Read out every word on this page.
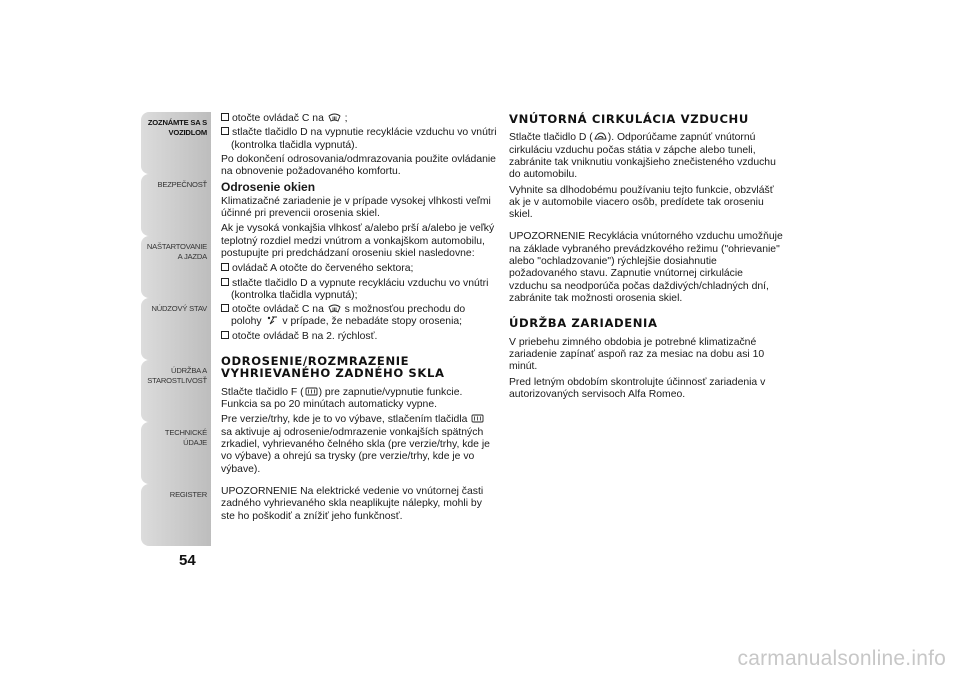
ZOZNÁMTE SA S VOZIDLOM
BEZPEČNOSŤ
NAŠTARTOVANIE A JAZDA
NÚDZOVÝ STAV
ÚDRŽBA A STAROSTLIVOSŤ
TECHNICKÉ ÚDAJE
REGISTER
54

otočte ovládač C na ;

stlačte tlačidlo D na vypnutie recyklácie vzduchu vo vnútri (kontrolka tlačidla vypnutá).

Po dokončení odrosovania/odmrazovania použite ovládanie na obnovenie požadovaného komfortu.

Odrosenie okien

Klimatizačné zariadenie je v prípade vysokej vlhkosti veľmi účinné pri prevencii orosenia skiel.

Ak je vysoká vonkajšia vlhkosť a/alebo prší a/alebo je veľký teplotný rozdiel medzi vnútrom a vonkajškom automobilu, postupujte pri predchádzaní oroseniu skiel nasledovne:

ovládač A otočte do červeného sektora;

stlačte tlačidlo D a vypnute recykláciu vzduchu vo vnútri (kontrolka tlačidla vypnutá);

otočte ovládač C na s možnosťou prechodu do polohy v prípade, že nebadáte stopy orosenia;

otočte ovládač B na 2. rýchlosť.

ODROSENIE/ROZMRAZENIE
VYHRIEVANÉHO ZADNÉHO SKLA

Stlačte tlačidlo F ( ) pre zapnutie/vypnutie funkcie. Funkcia sa po 20 minútach automaticky vypne.

Pre verzie/trhy, kde je to vo výbave, stlačením tlačidla
sa aktivuje aj odrosenie/odmrazenie vonkajších spätných zrkadiel, vyhrievaného čelného skla (pre verzie/trhy, kde je vo výbave) a ohrejú sa trysky (pre verzie/trhy, kde je vo výbave).

UPOZORNENIE Na elektrické vedenie vo vnútornej časti zadného vyhrievaného skla neaplikujte nálepky, mohli by ste ho poškodiť a znížiť jeho funkčnosť.

VNÚTORNÁ CIRKULÁCIA VZDUCHU

Stlačte tlačidlo D ( ). Odporúčame zapnúť vnútornú cirkuláciu vzduchu počas státia v zápche alebo tuneli, zabránite tak vniknutiu vonkajšieho znečisteného vzduchu do automobilu.

Vyhnite sa dlhodobému používaniu tejto funkcie, obzvlášť ak je v automobile viacero osôb, predídete tak oroseniu skiel.

UPOZORNENIE Recyklácia vnútorného vzduchu umožňuje na základe vybraného prevádzkového režimu ("ohrievanie" alebo "ochladzovanie") rýchlejšie dosiahnutie požadovaného stavu. Zapnutie vnútornej cirkulácie vzduchu sa neodporúča počas daždivých/chladných dní, zabránite tak možnosti orosenia skiel.

ÚDRŽBA ZARIADENIA

V priebehu zimného obdobia je potrebné klimatizačné zariadenie zapínať aspoň raz za mesiac na dobu asi 10 minút.

Pred letným obdobím skontrolujte účinnosť zariadenia v autorizovaných servisoch Alfa Romeo.

carmanualsonline.info
